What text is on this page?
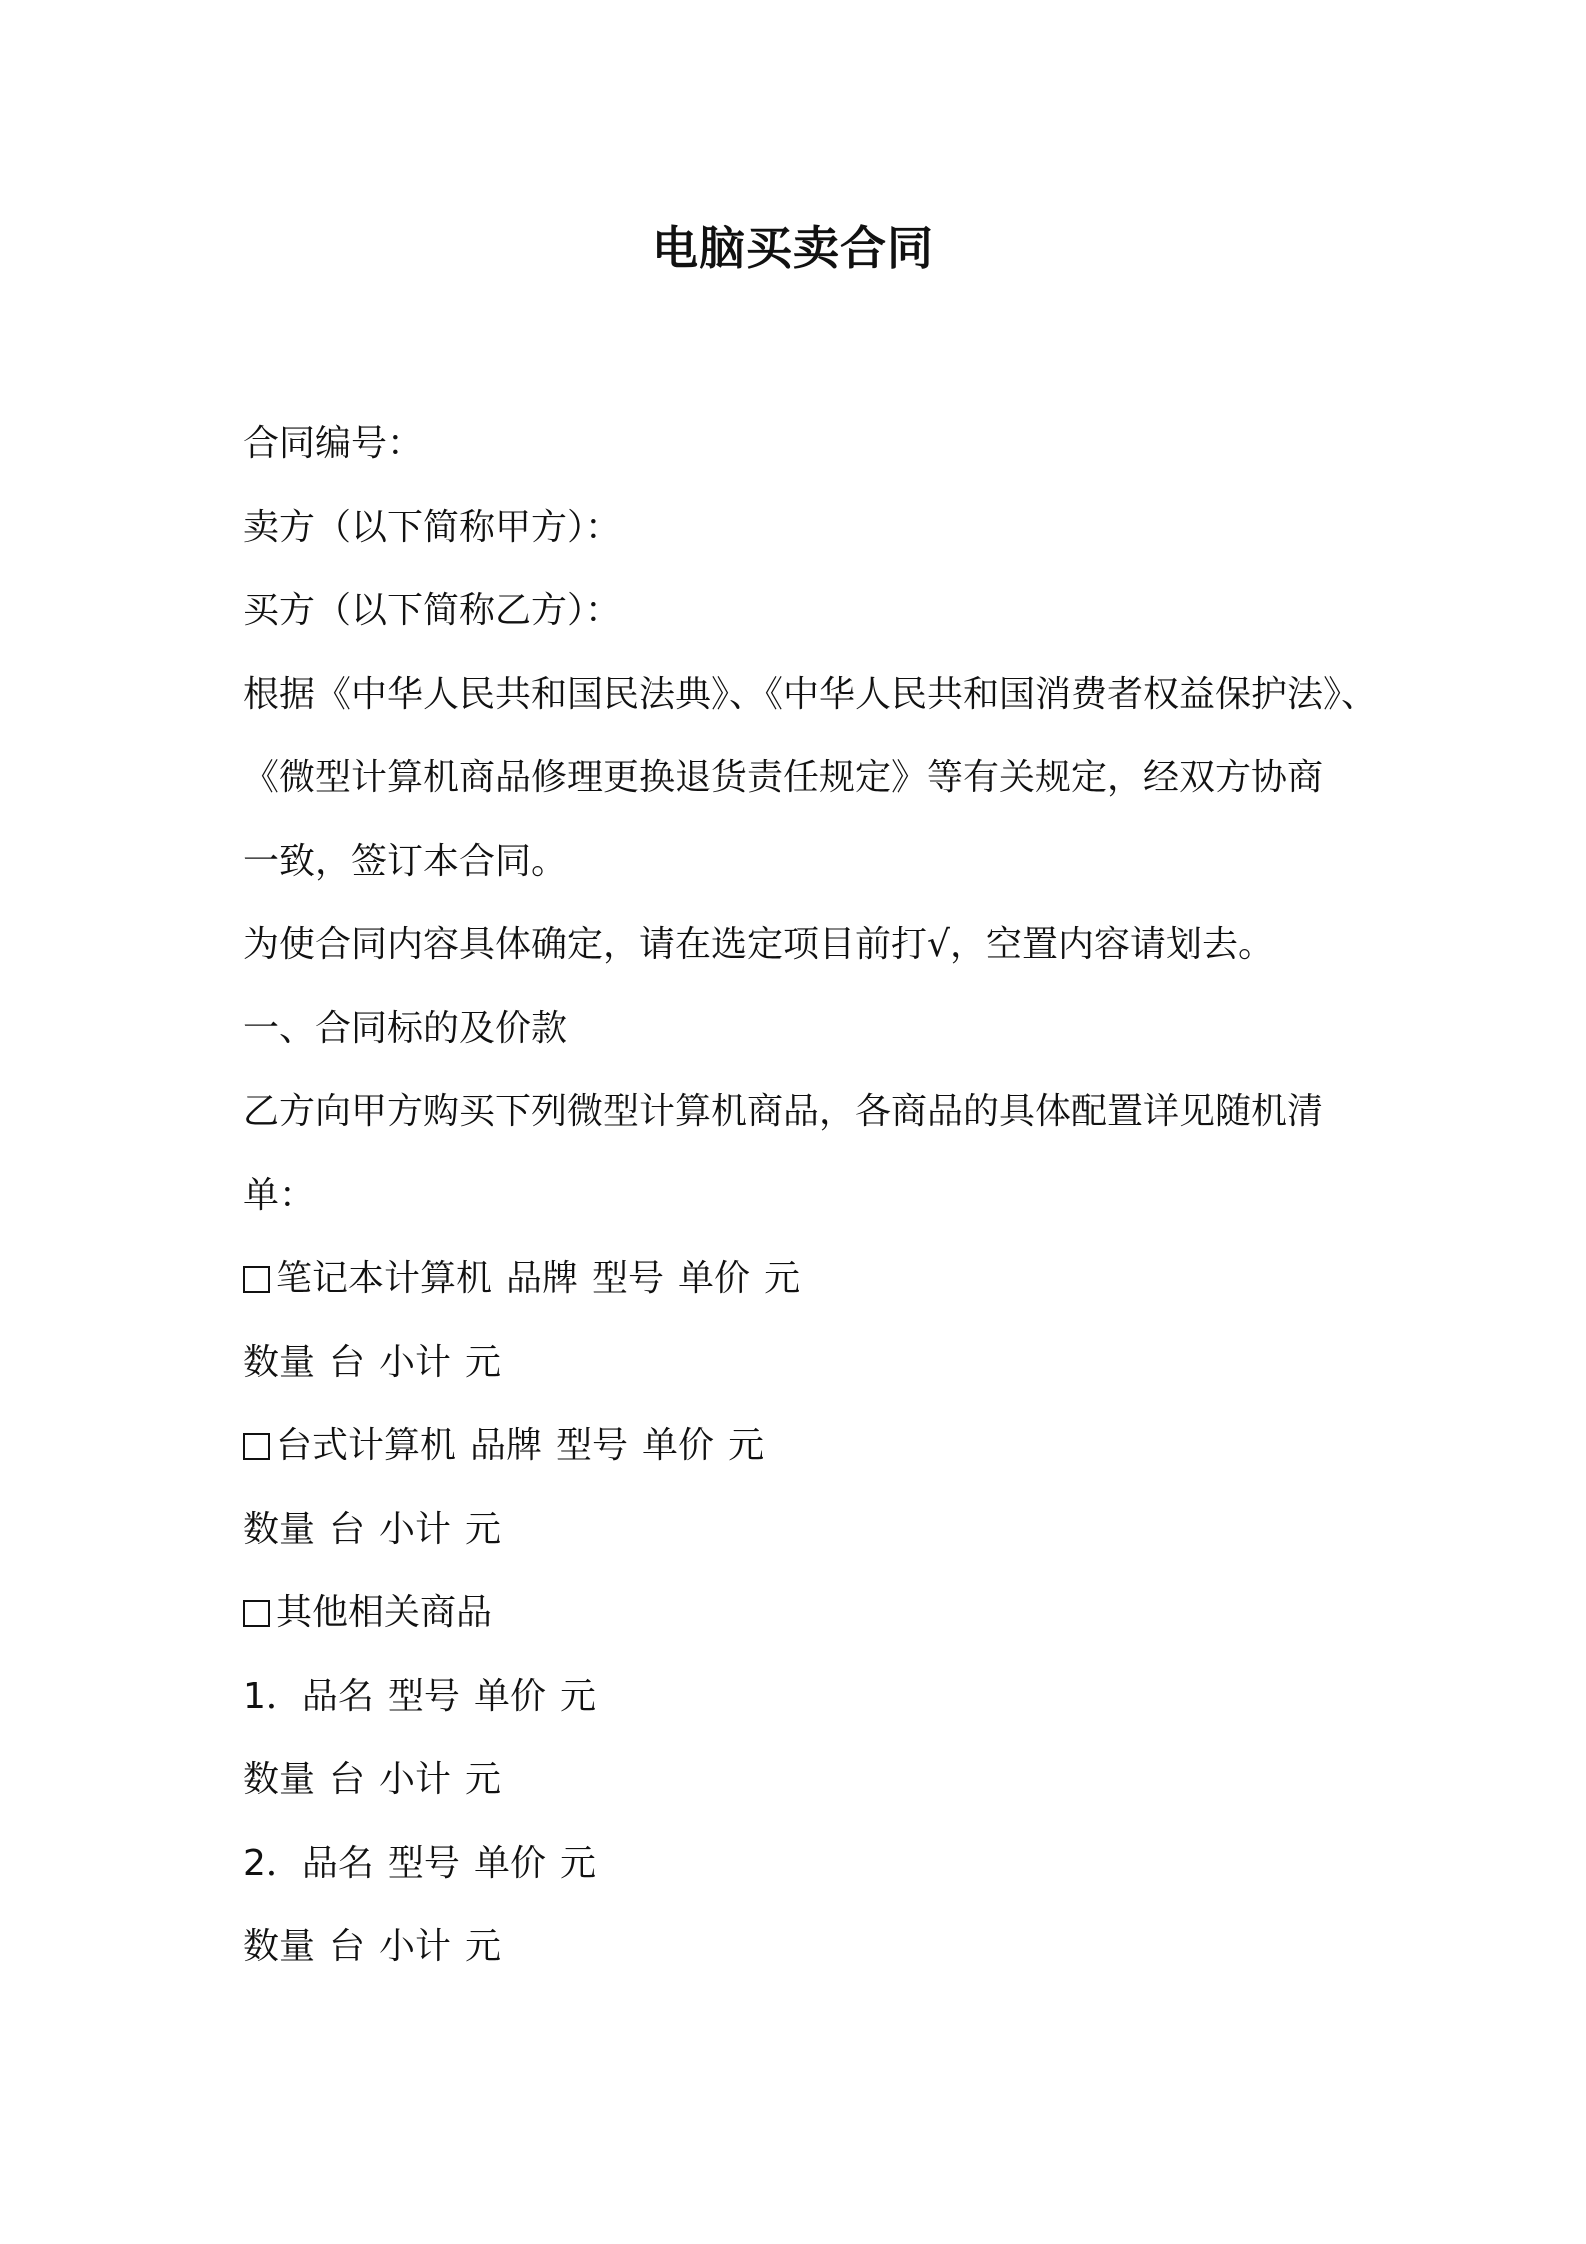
电脑买卖合同

合同编号：

卖方（以下简称甲方）：

买方（以下简称乙方）：

根据《中华人民共和国民法典》、《中华人民共和国消费者权益保护法》、

《微型计算机商品修理更换退货责任规定》等有关规定，经双方协商

一致，签订本合同。

为使合同内容具体确定，请在选定项目前打√，空置内容请划去。

一、合同标的及价款

乙方向甲方购买下列微型计算机商品，各商品的具体配置详见随机清

单：

笔记本计算机 品牌 型号 单价 元

数量 台 小计 元

台式计算机 品牌 型号 单价 元

数量 台 小计 元

其他相关商品

1．品名 型号 单价 元

数量 台 小计 元

2．品名 型号 单价 元

数量 台 小计 元
